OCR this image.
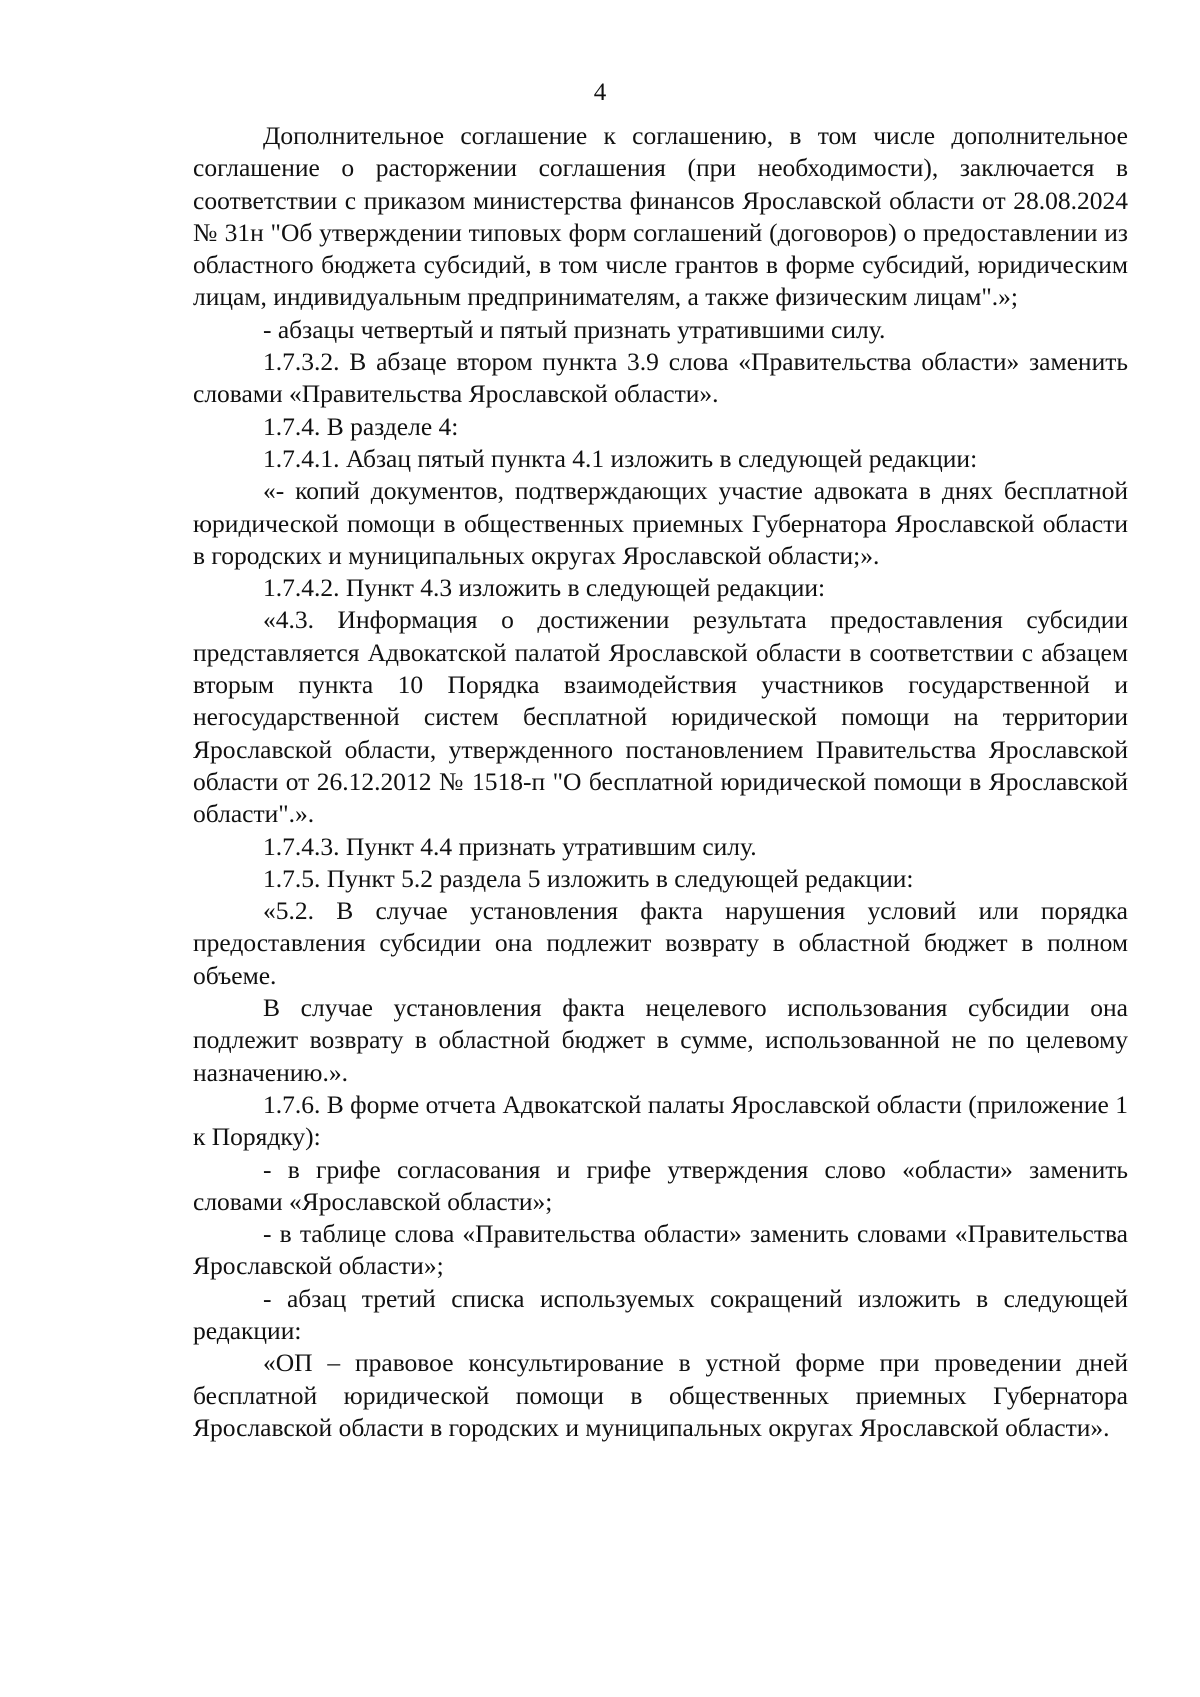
4

Дополнительное соглашение к соглашению, в том числе дополнительное соглашение о расторжении соглашения (при необходимости), заключается в соответствии с приказом министерства финансов Ярославской области от 28.08.2024 № 31н "Об утверждении типовых форм соглашений (договоров) о предоставлении из областного бюджета субсидий, в том числе грантов в форме субсидий, юридическим лицам, индивидуальным предпринимателям, а также физическим лицам".»;

- абзацы четвертый и пятый признать утратившими силу.

1.7.3.2. В абзаце втором пункта 3.9 слова «Правительства области» заменить словами «Правительства Ярославской области».

1.7.4. В разделе 4:

1.7.4.1. Абзац пятый пункта 4.1 изложить в следующей редакции:

«- копий документов, подтверждающих участие адвоката в днях бесплатной юридической помощи в общественных приемных Губернатора Ярославской области в городских и муниципальных округах Ярославской области;».

1.7.4.2. Пункт 4.3 изложить в следующей редакции:

«4.3. Информация о достижении результата предоставления субсидии представляется Адвокатской палатой Ярославской области в соответствии с абзацем вторым пункта 10 Порядка взаимодействия участников государственной и негосударственной систем бесплатной юридической помощи на территории Ярославской области, утвержденного постановлением Правительства Ярославской области от 26.12.2012 № 1518-п "О бесплатной юридической помощи в Ярославской области".».

1.7.4.3. Пункт 4.4 признать утратившим силу.

1.7.5. Пункт 5.2 раздела 5 изложить в следующей редакции:

«5.2. В случае установления факта нарушения условий или порядка предоставления субсидии она подлежит возврату в областной бюджет в полном объеме.

В случае установления факта нецелевого использования субсидии она подлежит возврату в областной бюджет в сумме, использованной не по целевому назначению.».

1.7.6. В форме отчета Адвокатской палаты Ярославской области (приложение 1 к Порядку):

- в грифе согласования и грифе утверждения слово «области» заменить словами «Ярославской области»;

- в таблице слова «Правительства области» заменить словами «Правительства Ярославской области»;

- абзац третий списка используемых сокращений изложить в следующей редакции:

«ОП – правовое консультирование в устной форме при проведении дней бесплатной юридической помощи в общественных приемных Губернатора Ярославской области в городских и муниципальных округах Ярославской области».
